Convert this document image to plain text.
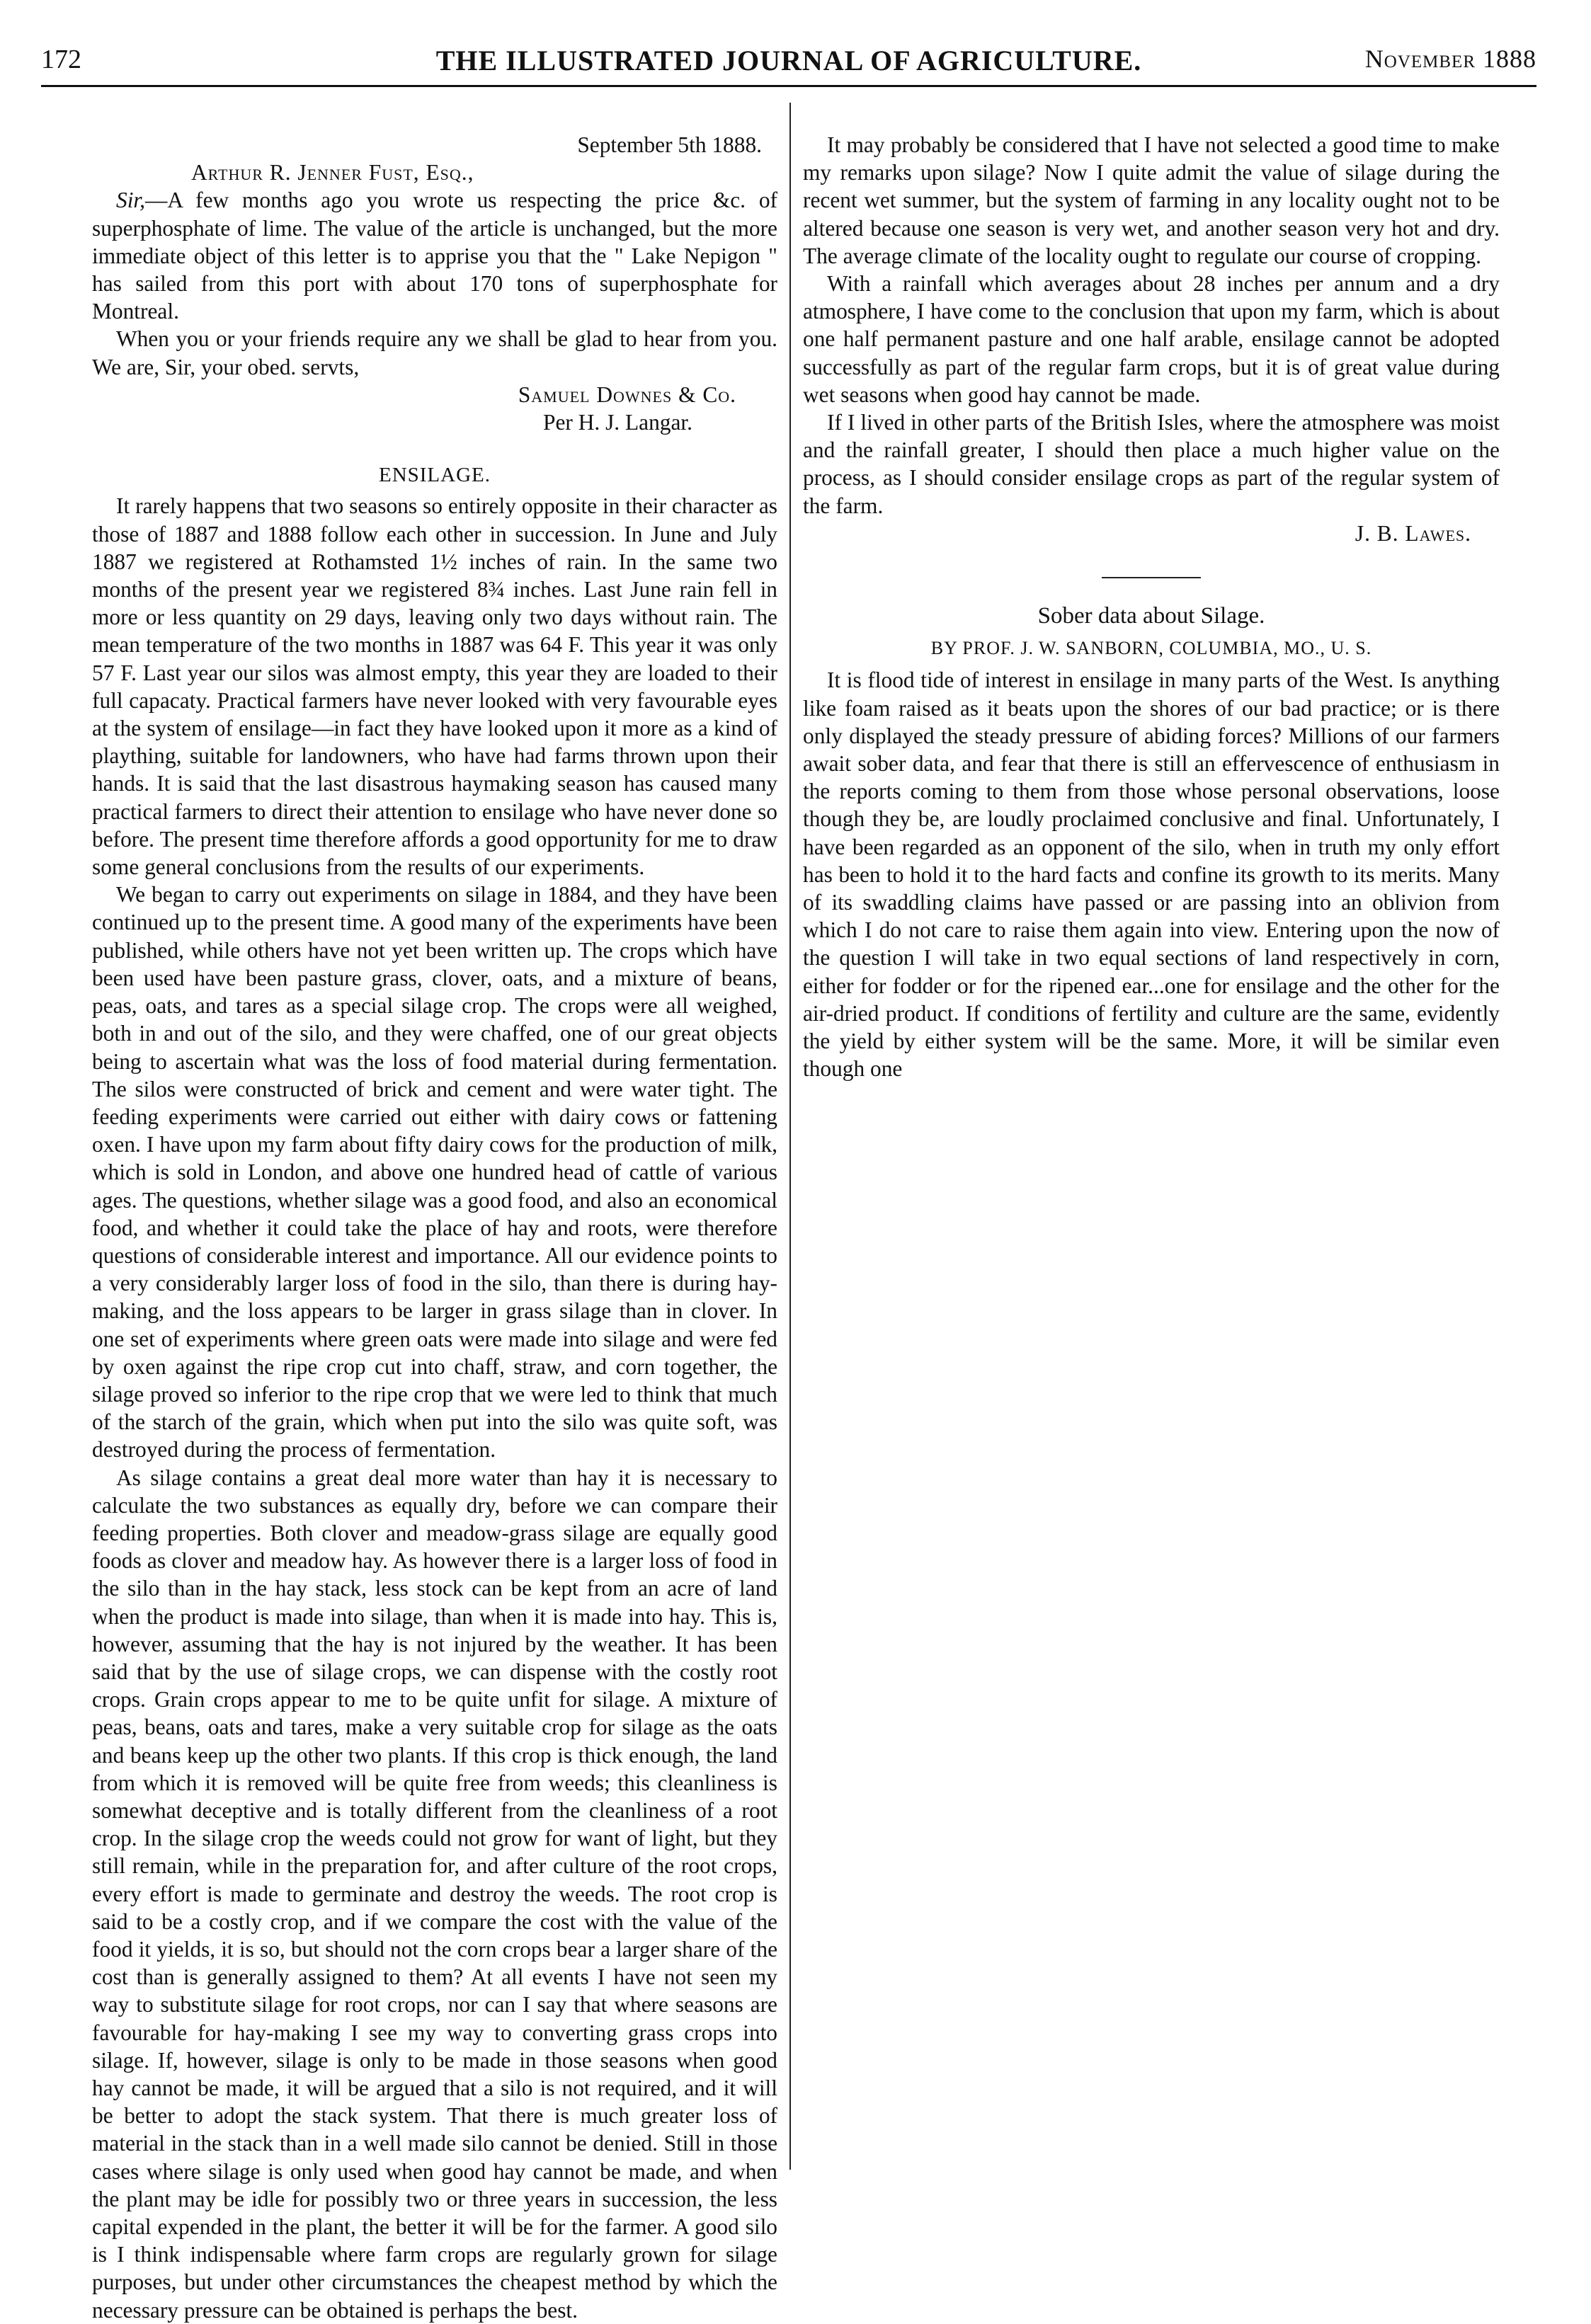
172	THE ILLUSTRATED JOURNAL OF AGRICULTURE.	November 1888

September 5th 1888.

Arthur R. Jenner Fust, Esq.,

Sir,—A few months ago you wrote us respecting the price &c. of superphosphate of lime. The value of the article is unchanged, but the more immediate object of this letter is to apprise you that the " Lake Nepigon " has sailed from this port with about 170 tons of superphosphate for Montreal.

When you or your friends require any we shall be glad to hear from you. We are, Sir, your obed. servts,

Samuel Downes & Co.

Per H. J. Langar.

ENSILAGE.

It rarely happens that two seasons so entirely opposite in their character as those of 1887 and 1888 follow each other in succession. In June and July 1887 we registered at Rothamsted 1½ inches of rain. In the same two months of the present year we registered 8¾ inches. Last June rain fell in more or less quantity on 29 days, leaving only two days without rain. The mean temperature of the two months in 1887 was 64 F. This year it was only 57 F. Last year our silos was almost empty, this year they are loaded to their full capacaty. Practical farmers have never looked with very favourable eyes at the system of ensilage—in fact they have looked upon it more as a kind of plaything, suitable for landowners, who have had farms thrown upon their hands. It is said that the last disastrous haymaking season has caused many practical farmers to direct their attention to ensilage who have never done so before. The present time therefore affords a good opportunity for me to draw some general conclusions from the results of our experiments.

We began to carry out experiments on silage in 1884, and they have been continued up to the present time. A good many of the experiments have been published, while others have not yet been written up. The crops which have been used have been pasture grass, clover, oats, and a mixture of beans, peas, oats, and tares as a special silage crop. The crops were all weighed, both in and out of the silo, and they were chaffed, one of our great objects being to ascertain what was the loss of food material during fermentation. The silos were constructed of brick and cement and were water tight. The feeding experiments were carried out either with dairy cows or fattening oxen. I have upon my farm about fifty dairy cows for the production of milk, which is sold in London, and above one hundred head of cattle of various ages. The questions, whether silage was a good food, and also an economical food, and whether it could take the place of hay and roots, were therefore questions of considerable interest and importance. All our evidence points to a very considerably larger loss of food in the silo, than there is during hay-making, and the loss appears to be larger in grass silage than in clover. In one set of experiments where green oats were made into silage and were fed by oxen against the ripe crop cut into chaff, straw, and corn together, the silage proved so inferior to the ripe crop that we were led to think that much of the starch of the grain, which when put into the silo was quite soft, was destroyed during the process of fermentation.

As silage contains a great deal more water than hay it is necessary to calculate the two substances as equally dry, before we can compare their feeding properties. Both clover and meadow-grass silage are equally good foods as clover and meadow hay. As however there is a larger loss of food in the silo than in the hay stack, less stock can be kept from an acre of land when the product is made into silage, than when it is made into hay. This is, however, assuming that the hay is not injured by the weather. It has been said that by the use of silage crops, we can dispense with the costly root crops. Grain crops appear to me to be quite unfit for silage. A mixture of peas, beans, oats and tares, make a very suitable crop for silage as the oats and beans keep up the other two plants. If this crop is thick enough, the land from which it is removed will be quite free from weeds; this cleanliness is somewhat deceptive and is totally different from the cleanliness of a root crop. In the silage crop the weeds could not grow for want of light, but they still remain, while in the preparation for, and after culture of the root crops, every effort is made to germinate and destroy the weeds. The root crop is said to be a costly crop, and if we compare the cost with the value of the food it yields, it is so, but should not the corn crops bear a larger share of the cost than is generally assigned to them? At all events I have not seen my way to substitute silage for root crops, nor can I say that where seasons are favourable for hay-making I see my way to converting grass crops into silage. If, however, silage is only to be made in those seasons when good hay cannot be made, it will be argued that a silo is not required, and it will be better to adopt the stack system. That there is much greater loss of material in the stack than in a well made silo cannot be denied. Still in those cases where silage is only used when good hay cannot be made, and when the plant may be idle for possibly two or three years in succession, the less capital expended in the plant, the better it will be for the farmer. A good silo is I think indispensable where farm crops are regularly grown for silage purposes, but under other circumstances the cheapest method by which the necessary pressure can be obtained is perhaps the best.

It may probably be considered that I have not selected a good time to make my remarks upon silage? Now I quite admit the value of silage during the recent wet summer, but the system of farming in any locality ought not to be altered because one season is very wet, and another season very hot and dry. The average climate of the locality ought to regulate our course of cropping.

With a rainfall which averages about 28 inches per annum and a dry atmosphere, I have come to the conclusion that upon my farm, which is about one half permanent pasture and one half arable, ensilage cannot be adopted successfully as part of the regular farm crops, but it is of great value during wet seasons when good hay cannot be made.

If I lived in other parts of the British Isles, where the atmosphere was moist and the rainfall greater, I should then place a much higher value on the process, as I should consider ensilage crops as part of the regular system of the farm.

J. B. Lawes.

Sober data about Silage.

BY PROF. J. W. SANBORN, COLUMBIA, MO., U. S.

It is flood tide of interest in ensilage in many parts of the West. Is anything like foam raised as it beats upon the shores of our bad practice; or is there only displayed the steady pressure of abiding forces? Millions of our farmers await sober data, and fear that there is still an effervescence of enthusiasm in the reports coming to them from those whose personal observations, loose though they be, are loudly proclaimed conclusive and final. Unfortunately, I have been regarded as an opponent of the silo, when in truth my only effort has been to hold it to the hard facts and confine its growth to its merits. Many of its swaddling claims have passed or are passing into an oblivion from which I do not care to raise them again into view. Entering upon the now of the question I will take in two equal sections of land respectively in corn, either for fodder or for the ripened ear...one for ensilage and the other for the air-dried product. If conditions of fertility and culture are the same, evidently the yield by either system will be the same. More, it will be similar even though one
